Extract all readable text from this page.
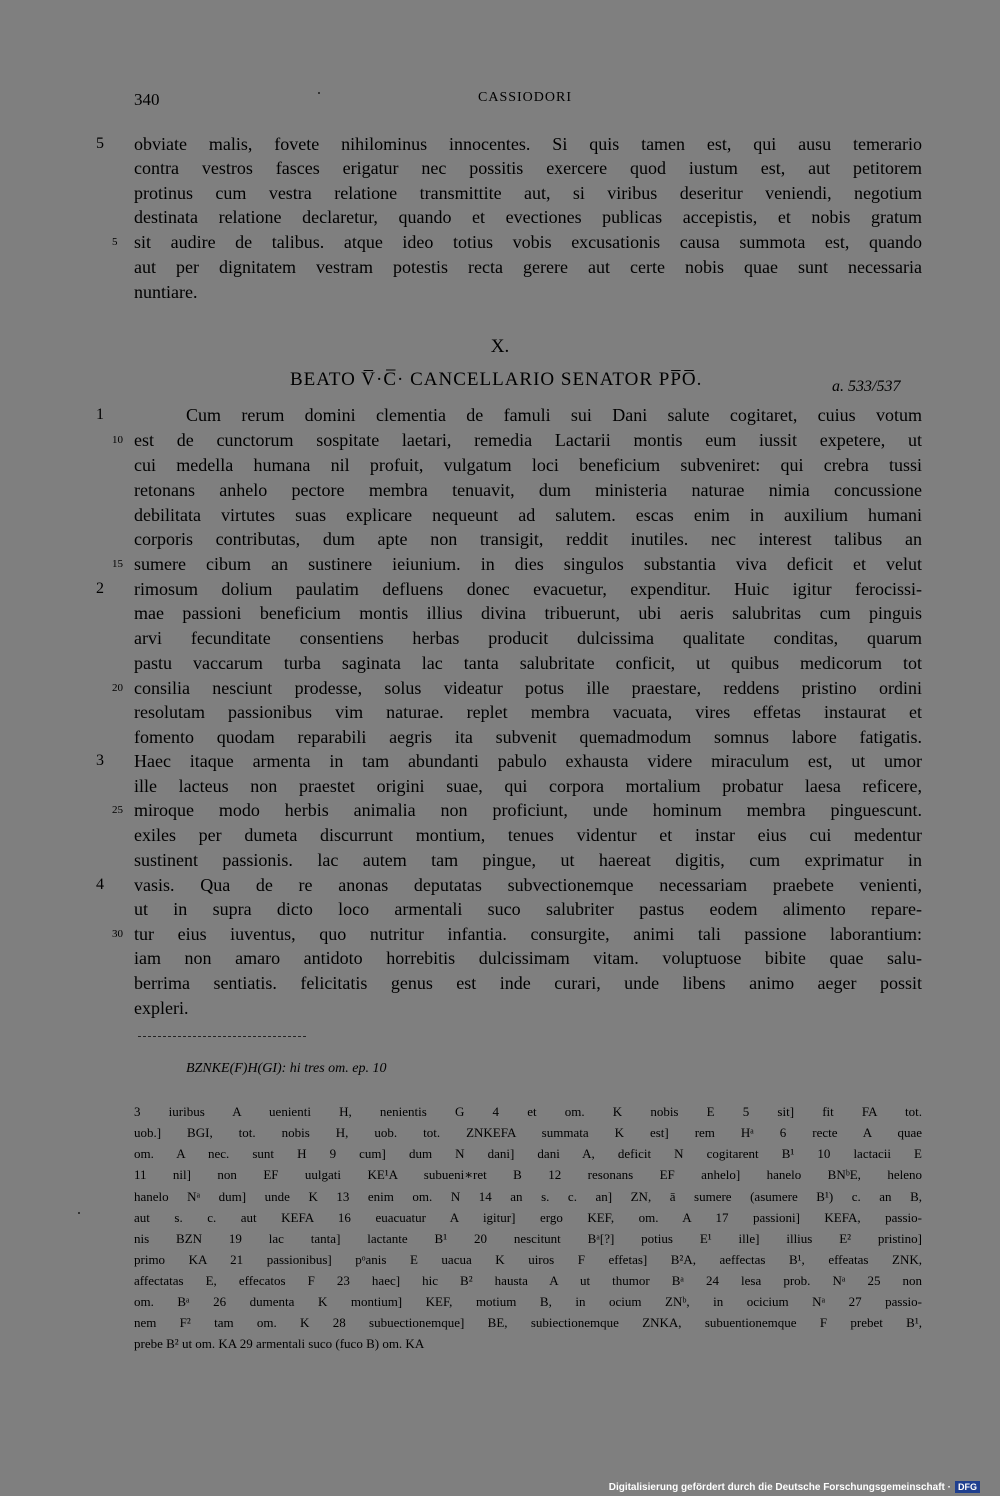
340	CASSIODORI
5
5
obviate malis, fovete nihilominus innocentes. Si quis tamen est, qui ausu temerario
contra vestros fasces erigatur nec possitis exercere quod iustum est, aut petitorem
protinus cum vestra relatione transmittite aut, si viribus deseritur veniendi, negotium
destinata relatione declaretur, quando et evectiones publicas accepistis, et nobis gratum
sit audire de talibus. atque ideo totius vobis excusationis causa summota est, quando
aut per dignitatem vestram potestis recta gerere aut certe nobis quae sunt necessaria
nuntiare.
X.
BEATO V̅·C̅· CANCELLARIO SENATOR PP̅O̅.	a. 533/537
1
10
15
2
20
3
25
4
30
Cum rerum domini clementia de famuli sui Dani salute cogitaret, cuius votum
est de cunctorum sospitate laetari, remedia Lactarii montis eum iussit expetere, ut
cui medella humana nil profuit, vulgatum loci beneficium subveniret: qui crebra tussi
retonans anhelo pectore membra tenuavit, dum ministeria naturae nimia concussione
debilitata virtutes suas explicare nequeunt ad salutem. escas enim in auxilium humani
corporis contributas, dum apte non transigit, reddit inutiles. nec interest talibus an
sumere cibum an sustinere ieiunium. in dies singulos substantia viva deficit et velut
rimosum dolium paulatim defluens donec evacuetur, expenditur. Huic igitur ferocissi-
mae passioni beneficium montis illius divina tribuerunt, ubi aeris salubritas cum pinguis
arvi fecunditate consentiens herbas producit dulcissima qualitate conditas, quarum
pastu vaccarum turba saginata lac tanta salubritate conficit, ut quibus medicorum tot
consilia nesciunt prodesse, solus videatur potus ille praestare, reddens pristino ordini
resolutam passionibus vim naturae. replet membra vacuata, vires effetas instaurat et
fomento quodam reparabili aegris ita subvenit quemadmodum somnus labore fatigatis.
Haec itaque armenta in tam abundanti pabulo exhausta videre miraculum est, ut umor
ille lacteus non praestet origini suae, qui corpora mortalium probatur laesa reficere,
miroque modo herbis animalia non proficiunt, unde hominum membra pinguescunt.
exiles per dumeta discurrunt montium, tenues videntur et instar eius cui medentur
sustinent passionis. lac autem tam pingue, ut haereat digitis, cum exprimatur in
vasis. Qua de re anonas deputatas subvectionemque necessariam praebete venienti,
ut in supra dicto loco armentali suco salubriter pastus eodem alimento repare-
tur eius iuventus, quo nutritur infantia. consurgite, animi tali passione laborantium:
iam non amaro antidoto horrebitis dulcissimam vitam. voluptuose bibite quae salu-
berrima sentiatis. felicitatis genus est inde curari, unde libens animo aeger possit
expleri.
BZNKE(F)H(GI): hi tres om. ep. 10
3 iuribus A uenienti H, nenientis G 4 et om. K nobis E 5 sit] fit FA tot.
uob.] BGI, tot. nobis H, uob. tot. ZNKEFA summata K est] rem Hᵃ 6 recte A quae
om. A nec. sunt H 9 cum] dum N dani] dani A, deficit N cogitarent B¹ 10 lactacii E
11 nil] non EF uulgati KE¹A subueni∗ret B 12 resonans EF anhelo] hanelo BNᵇE, heleno
hanelo Nᵃ dum] unde K 13 enim om. N 14 an s. c. an] ZN, ā sumere (asumere B¹) c. an B,
aut s. c. aut KEFA 16 euacuatur A igitur] ergo KEF, om. A 17 passioni] KEFA, passio-
nis BZN 19 lac tanta] lactante B¹ 20 nescitunt Bᵃ[?] potius E¹ ille] illius E² pristino]
primo KA 21 passionibus] pᵒanis E uacua K uiros F effetas] B²A, aeffectas B¹, effeatas ZNK,
affectatas E, effecatos F 23 haec] hic B² hausta A ut thumor Bᵃ 24 lesa prob. Nᵃ 25 non
om. Bᵃ 26 dumenta K montium] KEF, motium B, in ocium ZNᵇ, in ocicium Nᵃ 27 passio-
nem F² tam om. K 28 subuectionemque] BE, subiectionemque ZNKA, subuentionemque F prebet B¹,
prebe B² ut om. KA 29 armentali suco (fuco B) om. KA
Digitalisierung gefördert durch die Deutsche Forschungsgemeinschaft · DFG
